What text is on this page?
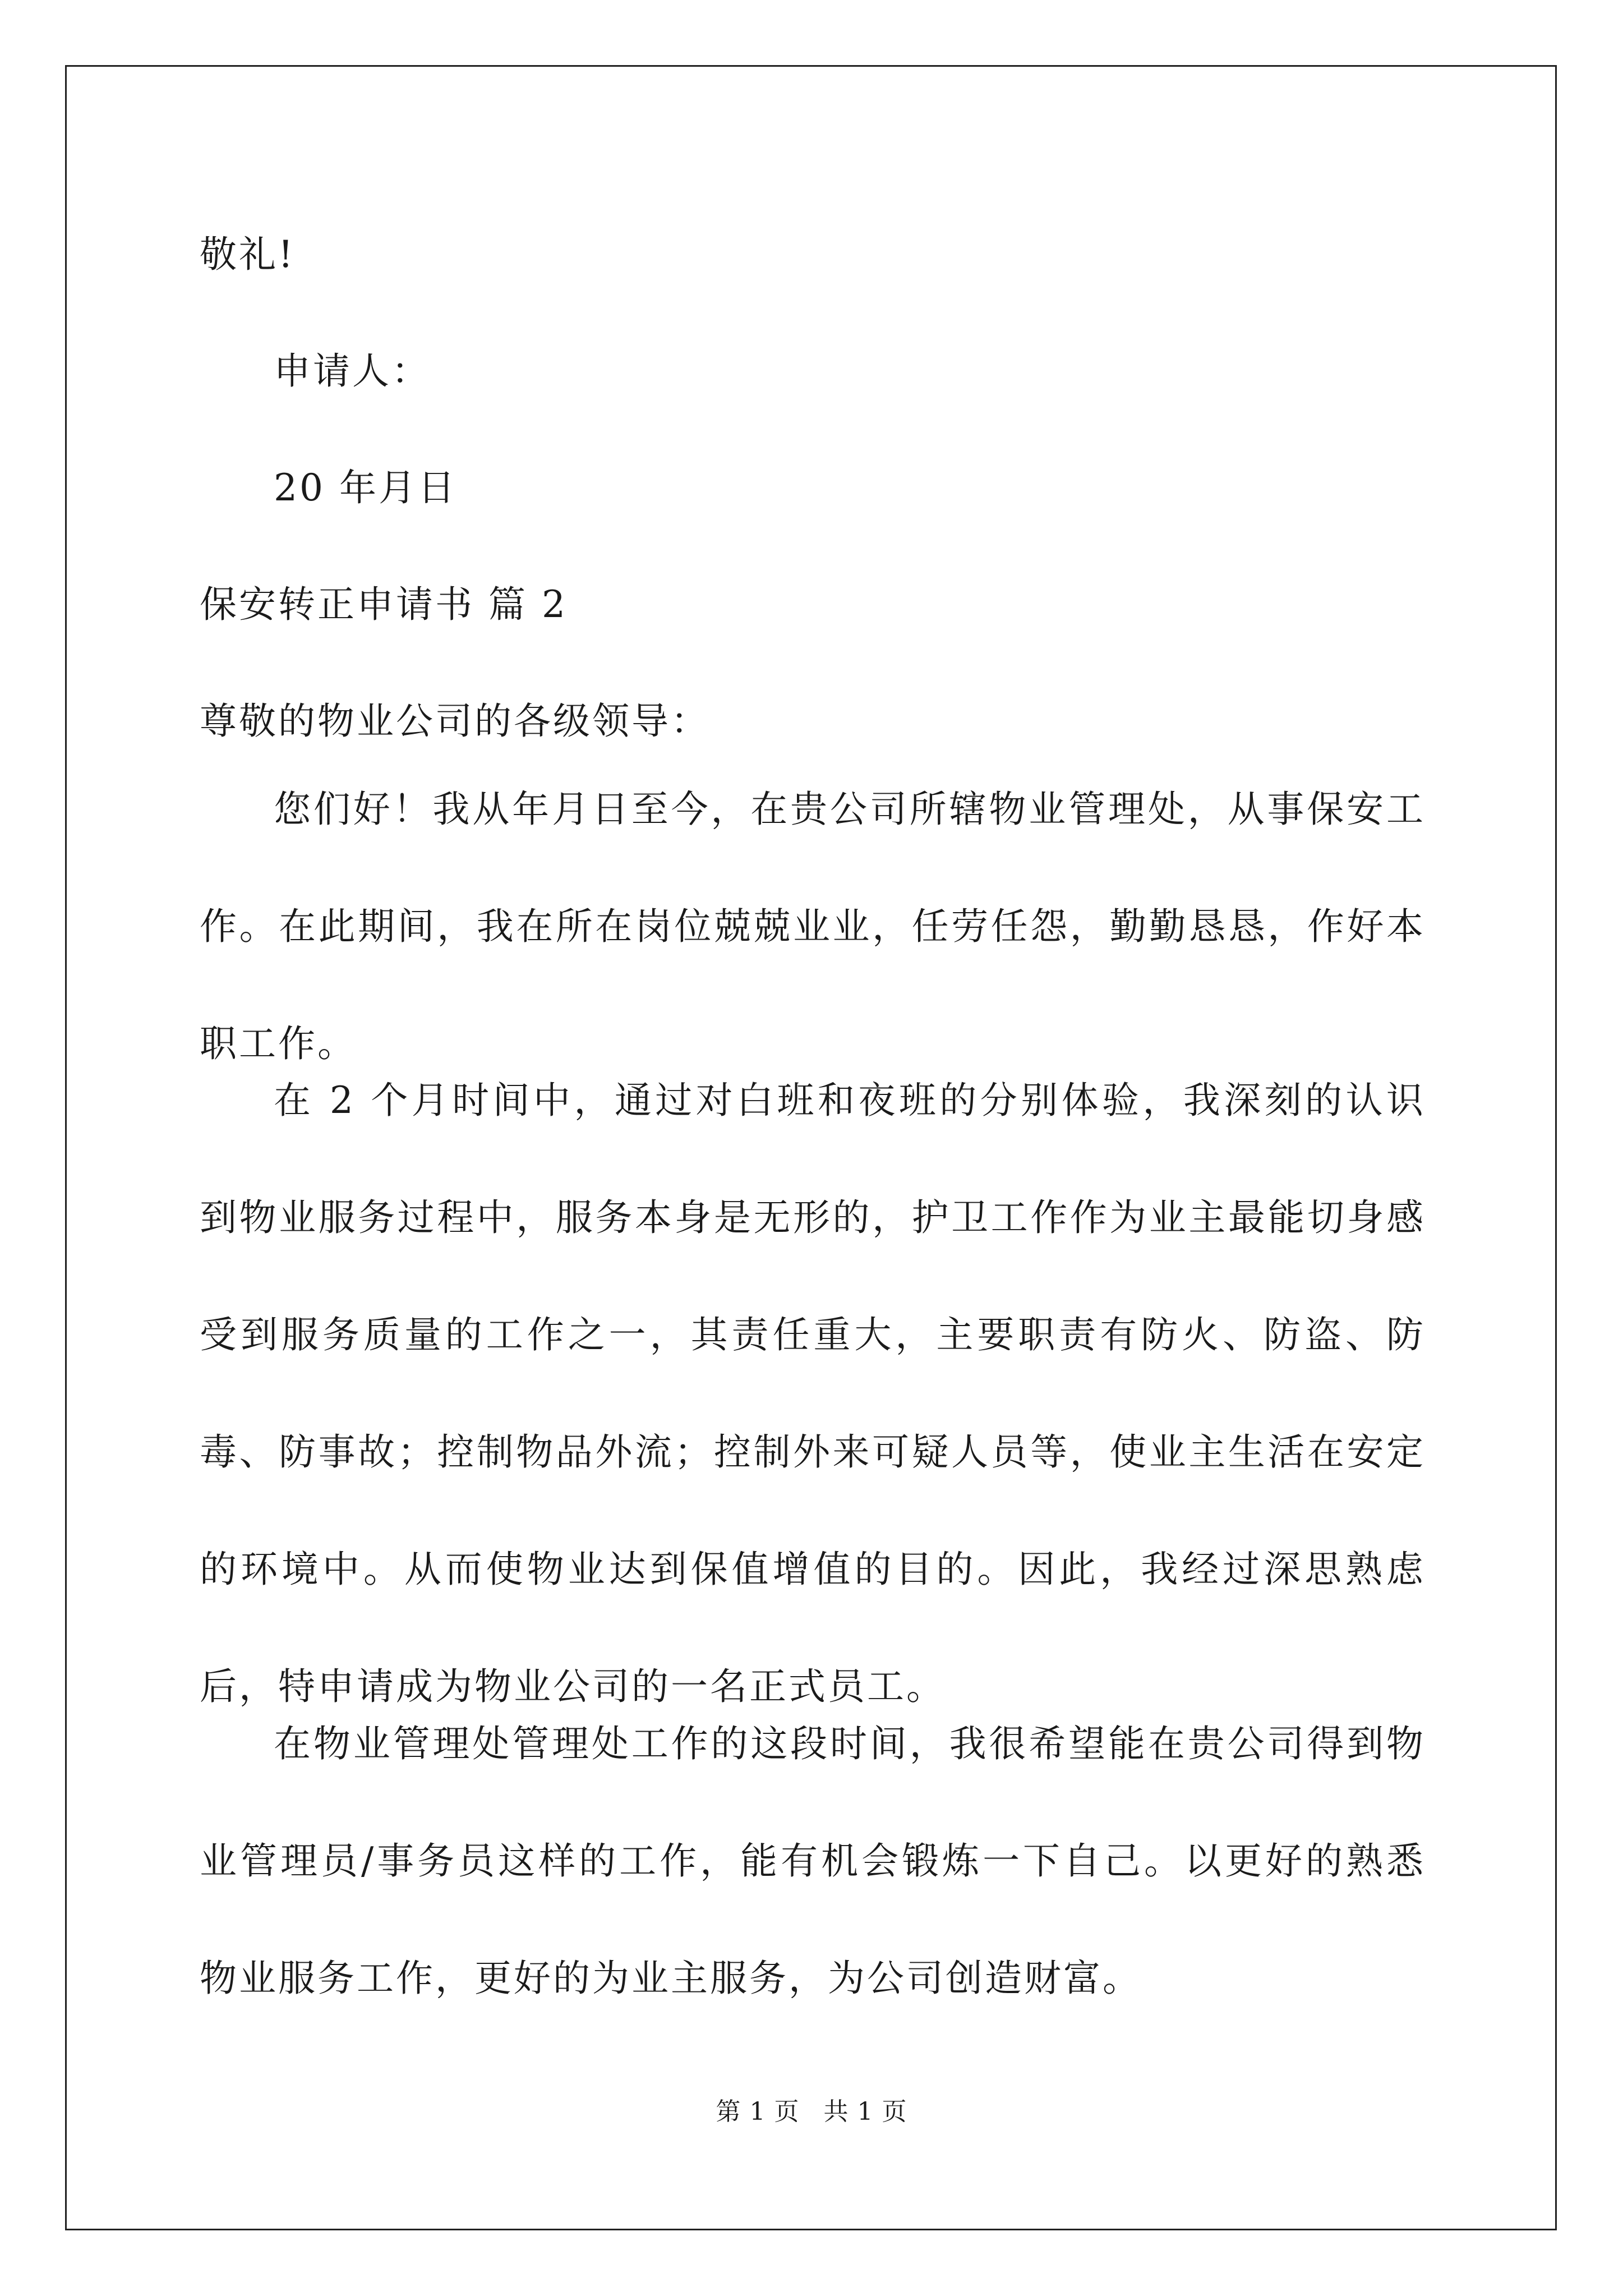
敬礼!
申请人：
20 年月日
保安转正申请书 篇 2
尊敬的物业公司的各级领导：
您们好！我从年月日至今，在贵公司所辖物业管理处，从事保安工作。在此期间，我在所在岗位兢兢业业，任劳任怨，勤勤恳恳，作好本职工作。
在 2 个月时间中，通过对白班和夜班的分别体验，我深刻的认识到物业服务过程中，服务本身是无形的，护卫工作作为业主最能切身感受到服务质量的工作之一，其责任重大，主要职责有防火、防盗、防毒、防事故；控制物品外流；控制外来可疑人员等，使业主生活在安定的环境中。从而使物业达到保值增值的目的。因此，我经过深思熟虑后，特申请成为物业公司的一名正式员工。
在物业管理处管理处工作的这段时间，我很希望能在贵公司得到物业管理员/事务员这样的工作，能有机会锻炼一下自己。以更好的熟悉物业服务工作，更好的为业主服务，为公司创造财富。
第 1 页 共 1 页
